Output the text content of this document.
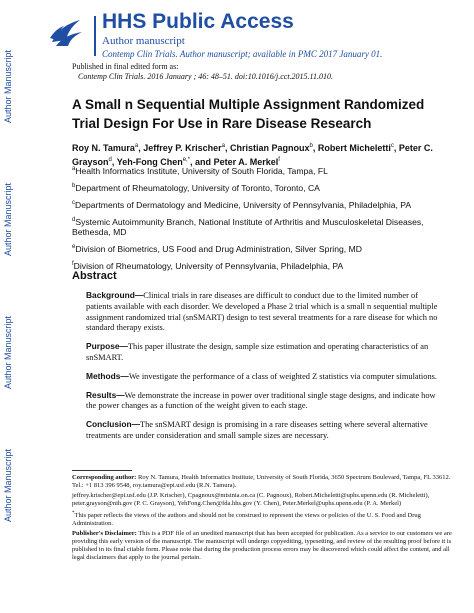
HHS Public Access
Author manuscript
Contemp Clin Trials. Author manuscript; available in PMC 2017 January 01.
Author Manuscript
Author Manuscript
Author Manuscript
Author Manuscript
Published in final edited form as:
Contemp Clin Trials. 2016 January ; 46: 48–51. doi:10.1016/j.cct.2015.11.010.
A Small n Sequential Multiple Assignment Randomized Trial Design For Use in Rare Disease Research

Roy N. Tamura$^a$, Jeffrey P. Krischer$^a$, Christian Pagnoux$^b$, Robert Micheletti$^c$, Peter C. Grayson$^d$, Yeh-Fong Chen$^{e,*}$, and Peter A. Merkel$^f$

$^a$Health Informatics Institute, University of South Florida, Tampa, FL

$^b$Department of Rheumatology, University of Toronto, Toronto, CA

$^c$Departments of Dermatology and Medicine, University of Pennsylvania, Philadelphia, PA

$^d$Systemic Autoimmunity Branch, National Institute of Arthritis and Musculoskeletal Diseases, Bethesda, MD

$^e$Division of Biometrics, US Food and Drug Administration, Silver Spring, MD

$^f$Division of Rheumatology, University of Pennsylvania, Philadelphia, PA

Abstract

Background—Clinical trials in rare diseases are difficult to conduct due to the limited number of patients available with each disorder. We developed a Phase 2 trial which is a small n sequential multiple assignment randomized trial (snSMART) design to test several treatments for a rare disease for which no standard therapy exists.

Purpose—This paper illustrate the design, sample size estimation and operating characteristics of an snSMART.

Methods—We investigate the performance of a class of weighted Z statistics via computer simulations.

Results—We demonstrate the increase in power over traditional single stage designs, and indicate how the power changes as a function of the weight given to each stage.

Conclusion—The snSMART design is promising in a rare diseases setting where several alternative treatments are under consideration and small sample sizes are necessary.

Corresponding author: Roy N. Tamura, Health Informatics Institute, University of South Florida, 3650 Spectrum Boulevard, Tampa, FL 33612. Tel.: +1 813 396 9548, roy.tamura@epi.usf.edu (R.N. Tamura).

jeffrey.krischer@epi.usf.edu (J.P. Krischer), Cpagnoux@mtsinia.on.ca (C. Pagnoux), Robert.Micheletti@uphs.upenn.edu (R. Micheletti), peter.grayson@nih.gov (P. C. Grayson), YehFong.Chen@fda.hhs.gov (Y. Chen), Peter.Merkel@uphs.upenn.edu (P. A. Merkel)

*This paper reflects the views of the authors and should not be construed to represent the views or policies of the U. S. Food and Drug Administration.

Publisher's Disclaimer: This is a PDF file of an unedited manuscript that has been accepted for publication. As a service to our customers we are providing this early version of the manuscript. The manuscript will undergo copyediting, typesetting, and review of the resulting proof before it is published in its final citable form. Please note that during the production process errors may be discovered which could affect the content, and all legal disclaimers that apply to the journal pertain.
